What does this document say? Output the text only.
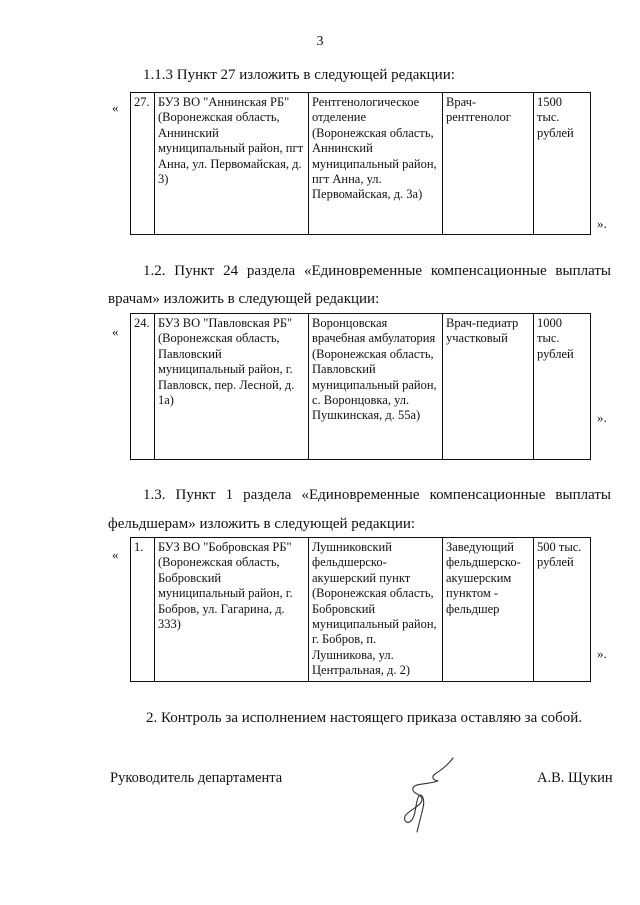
3
1.1.3 Пункт 27 изложить в следующей редакции:
« 27.	БУЗ ВО "Аннинская РБ" (Воронежская область, Аннинский муниципальный район, пгт Анна, ул. Первомайская, д. 3)	Рентгенологическое отделение (Воронежская область, Аннинский муниципальный район, пгт Анна, ул. Первомайская, д. 3а)	Врач-рентгенолог	1500 тыс. рублей
».
1.2. Пункт 24 раздела «Единовременные компенсационные выплаты
врачам» изложить в следующей редакции:
«
24.	БУЗ ВО "Павловская РБ" (Воронежская область, Павловский муниципальный район, г. Павловск, пер. Лесной, д. 1а)	Воронцовская врачебная амбулатория (Воронежская область, Павловский муниципальный район, с. Воронцовка, ул. Пушкинская, д. 55а)	Врач-педиатр участковый	1000 тыс. рублей
».
1.3. Пункт 1 раздела «Единовременные компенсационные выплаты
фельдшерам» изложить в следующей редакции:
« 1.	БУЗ ВО "Бобровская РБ" (Воронежская область, Бобровский муниципальный район, г. Бобров, ул. Гагарина, д. 333)	Лушниковский фельдшерско-акушерский пункт (Воронежская область, Бобровский муниципальный район, г. Бобров, п. Лушникова, ул. Центральная, д. 2)	Заведующий фельдшерско-акушерским пунктом - фельдшер	500 тыс. рублей
».
2. Контроль за исполнением настоящего приказа оставляю за собой.
Руководитель департамента	А.В. Щукин
